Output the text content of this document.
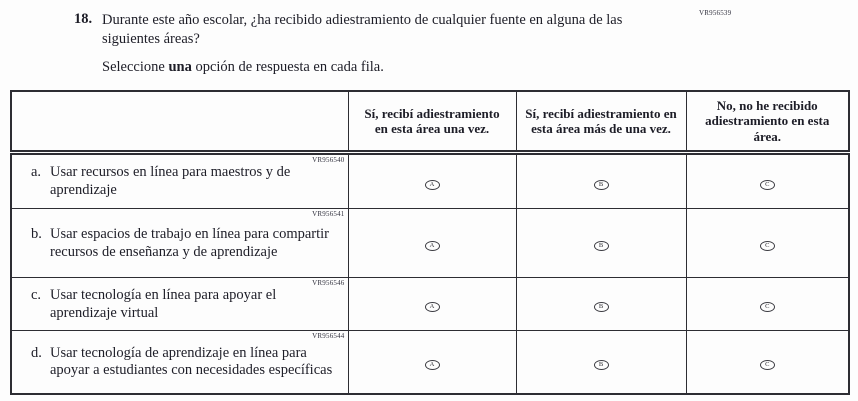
VR956539
18. Durante este año escolar, ¿ha recibido adiestramiento de cualquier fuente en alguna de las siguientes áreas?
Seleccione una opción de respuesta en cada fila.
	Sí, recibí adiestramiento en esta área una vez.	Sí, recibí adiestramiento en esta área más de una vez.	No, no he recibido adiestramiento en esta área.

VR956540
a. Usar recursos en línea para maestros y de aprendizaje	A	B	C

VR956541
b. Usar espacios de trabajo en línea para compartir recursos de enseñanza y de aprendizaje	A	B	C

VR956546
c. Usar tecnología en línea para apoyar el aprendizaje virtual	A	B	C

VR956544
d. Usar tecnología de aprendizaje en línea para apoyar a estudiantes con necesidades específicas	A	B	C
